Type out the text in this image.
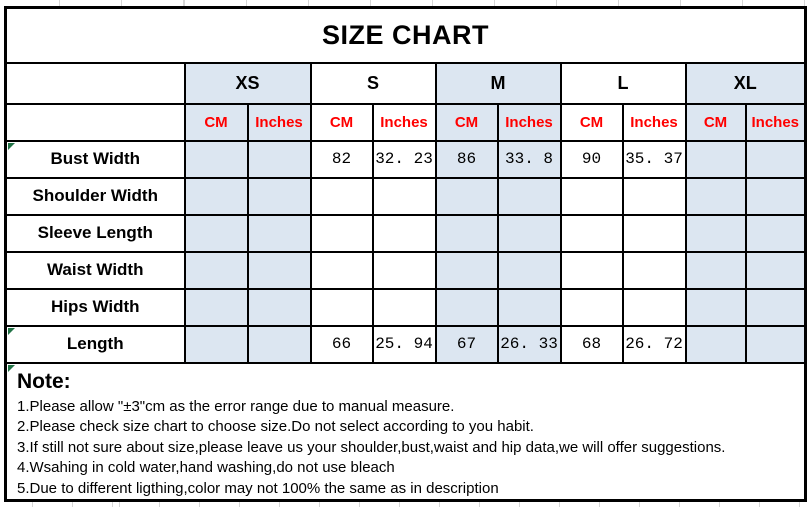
SIZE CHART										
	XS		S		M		L		XL	
	CM	Inches	CM	Inches	CM	Inches	CM	Inches	CM	Inches
Bust Width			82	32. 23	86	33. 8	90	35. 37		
Shoulder Width										
Sleeve Length										
Waist Width										
Hips Width										
Length			66	25. 94	67	26. 33	68	26. 72		

Note:
1.Please allow "±3"cm as the error range due to manual measure.
2.Please check size chart to choose size.Do not select according to you habit.
3.If still not sure about size,please leave us your shoulder,bust,waist and hip data,we will offer suggestions.
4.Wsahing in cold water,hand washing,do not use bleach
5.Due to different ligthing,color may not 100% the same as in description
